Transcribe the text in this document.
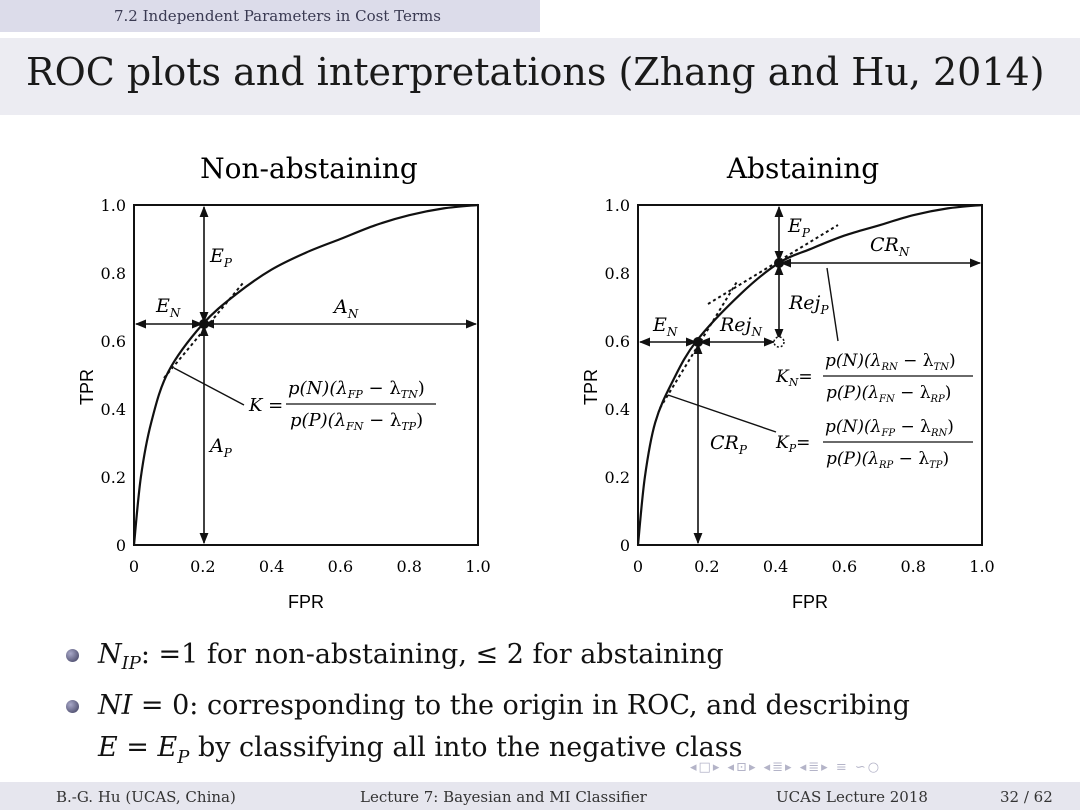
7.2 Independent Parameters in Cost Terms
ROC plots and interpretations (Zhang and Hu, 2014)
Non-abstaining
0
0.2
0.4
0.6
0.8
1.0
0	0.2	0.4	0.6	0.8	1.0
FPR
TPR
$E_N$
$E_P$
$A_N$
$A_P$
K =
$p(N)(\lambda_{FP} - \lambda_{TN})$
$p(P)(\lambda_{FN} - \lambda_{TP})$
Abstaining
0
0.2
0.4
0.6
0.8
1.0
0	0.2	0.4	0.6	0.8	1.0
FPR
TPR
$E_P$
$CR_N$
Rej$_P$
$E_N$ Rej$_N$
$CR_P$
$K_N=$
$p(N)(\lambda_{RN} - \lambda_{TN})$
$p(P)(\lambda_{FN} - \lambda_{RP})$
$K_P=$
$p(N)(\lambda_{FP} - \lambda_{RN})$
$p(P)(\lambda_{RP} - \lambda_{TP})$
$N_{IP}$: =1 for non-abstaining, ≤ 2 for abstaining
NI = 0: corresponding to the origin in ROC, and describing
$E = E_P$ by classifying all into the negative class
◂□▸ ◂⊡▸ ◂≣▸ ◂≣▸ ≡ ∽○
B.-G. Hu (UCAS, China)	Lecture 7: Bayesian and MI Classifier	UCAS Lecture 2018	32 / 62
